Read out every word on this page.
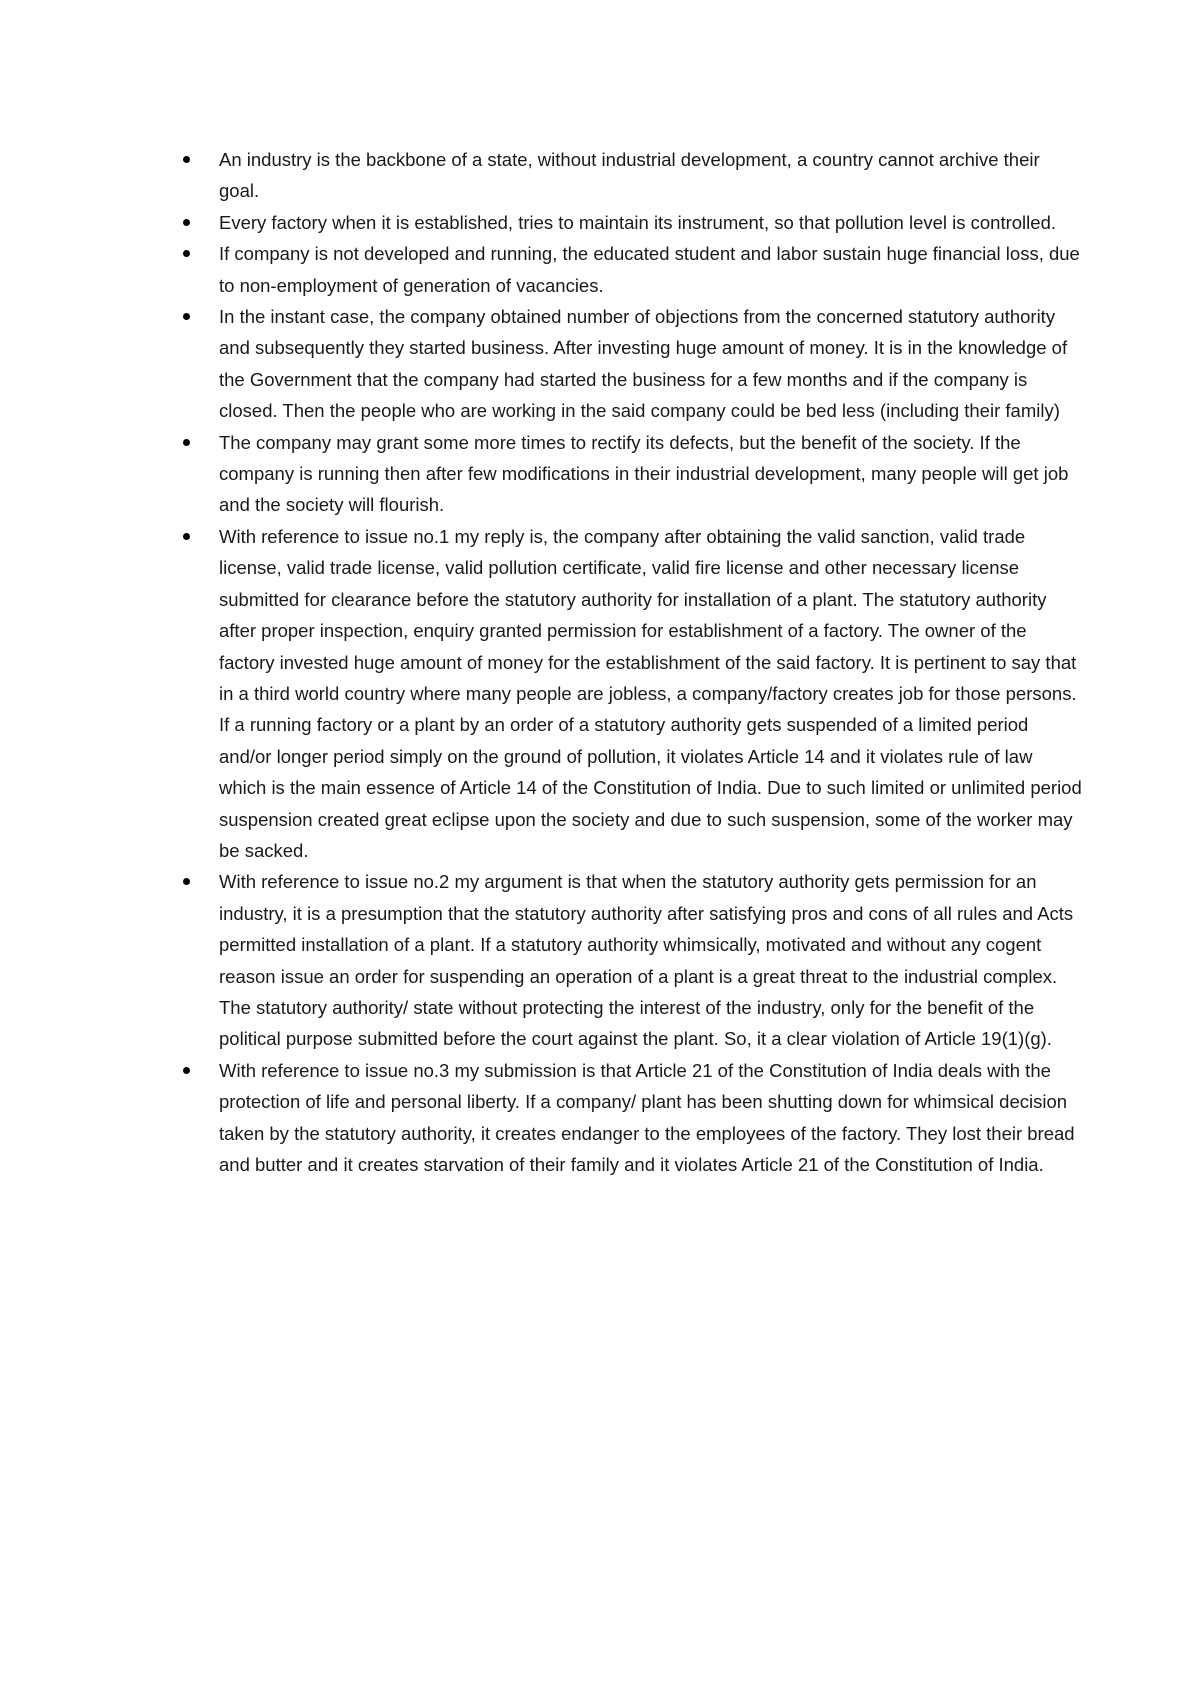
An industry is the backbone of a state, without industrial development, a country cannot archive their goal.
Every factory when it is established, tries to maintain its instrument, so that pollution level is controlled.
If company is not developed and running, the educated student and labor sustain huge financial loss, due to non-employment of generation of vacancies.
In the instant case, the company obtained number of objections from the concerned statutory authority and subsequently they started business. After investing huge amount of money. It is in the knowledge of the Government that the company had started the business for a few months and if the company is closed. Then the people who are working in the said company could be bed less (including their family)
The company may grant some more times to rectify its defects, but the benefit of the society. If the company is running then after few modifications in their industrial development, many people will get job and the society will flourish.
With reference to issue no.1 my reply is, the company after obtaining the valid sanction, valid trade license, valid trade license, valid pollution certificate, valid fire license and other necessary license submitted for clearance before the statutory authority for installation of a plant. The statutory authority after proper inspection, enquiry granted permission for establishment of a factory. The owner of the factory invested huge amount of money for the establishment of the said factory. It is pertinent to say that in a third world country where many people are jobless, a company/factory creates job for those persons. If a running factory or a plant by an order of a statutory authority gets suspended of a limited period and/or longer period simply on the ground of pollution, it violates Article 14 and it violates rule of law which is the main essence of Article 14 of the Constitution of India. Due to such limited or unlimited period suspension created great eclipse upon the society and due to such suspension, some of the worker may be sacked.
With reference to issue no.2 my argument is that when the statutory authority gets permission for an industry, it is a presumption that the statutory authority after satisfying pros and cons of all rules and Acts permitted installation of a plant. If a statutory authority whimsically, motivated and without any cogent reason issue an order for suspending an operation of a plant is a great threat to the industrial complex. The statutory authority/ state without protecting the interest of the industry, only for the benefit of the political purpose submitted before the court against the plant. So, it a clear violation of Article 19(1)(g).
With reference to issue no.3 my submission is that Article 21 of the Constitution of India deals with the protection of life and personal liberty. If a company/ plant has been shutting down for whimsical decision taken by the statutory authority, it creates endanger to the employees of the factory. They lost their bread and butter and it creates starvation of their family and it violates Article 21 of the Constitution of India.
